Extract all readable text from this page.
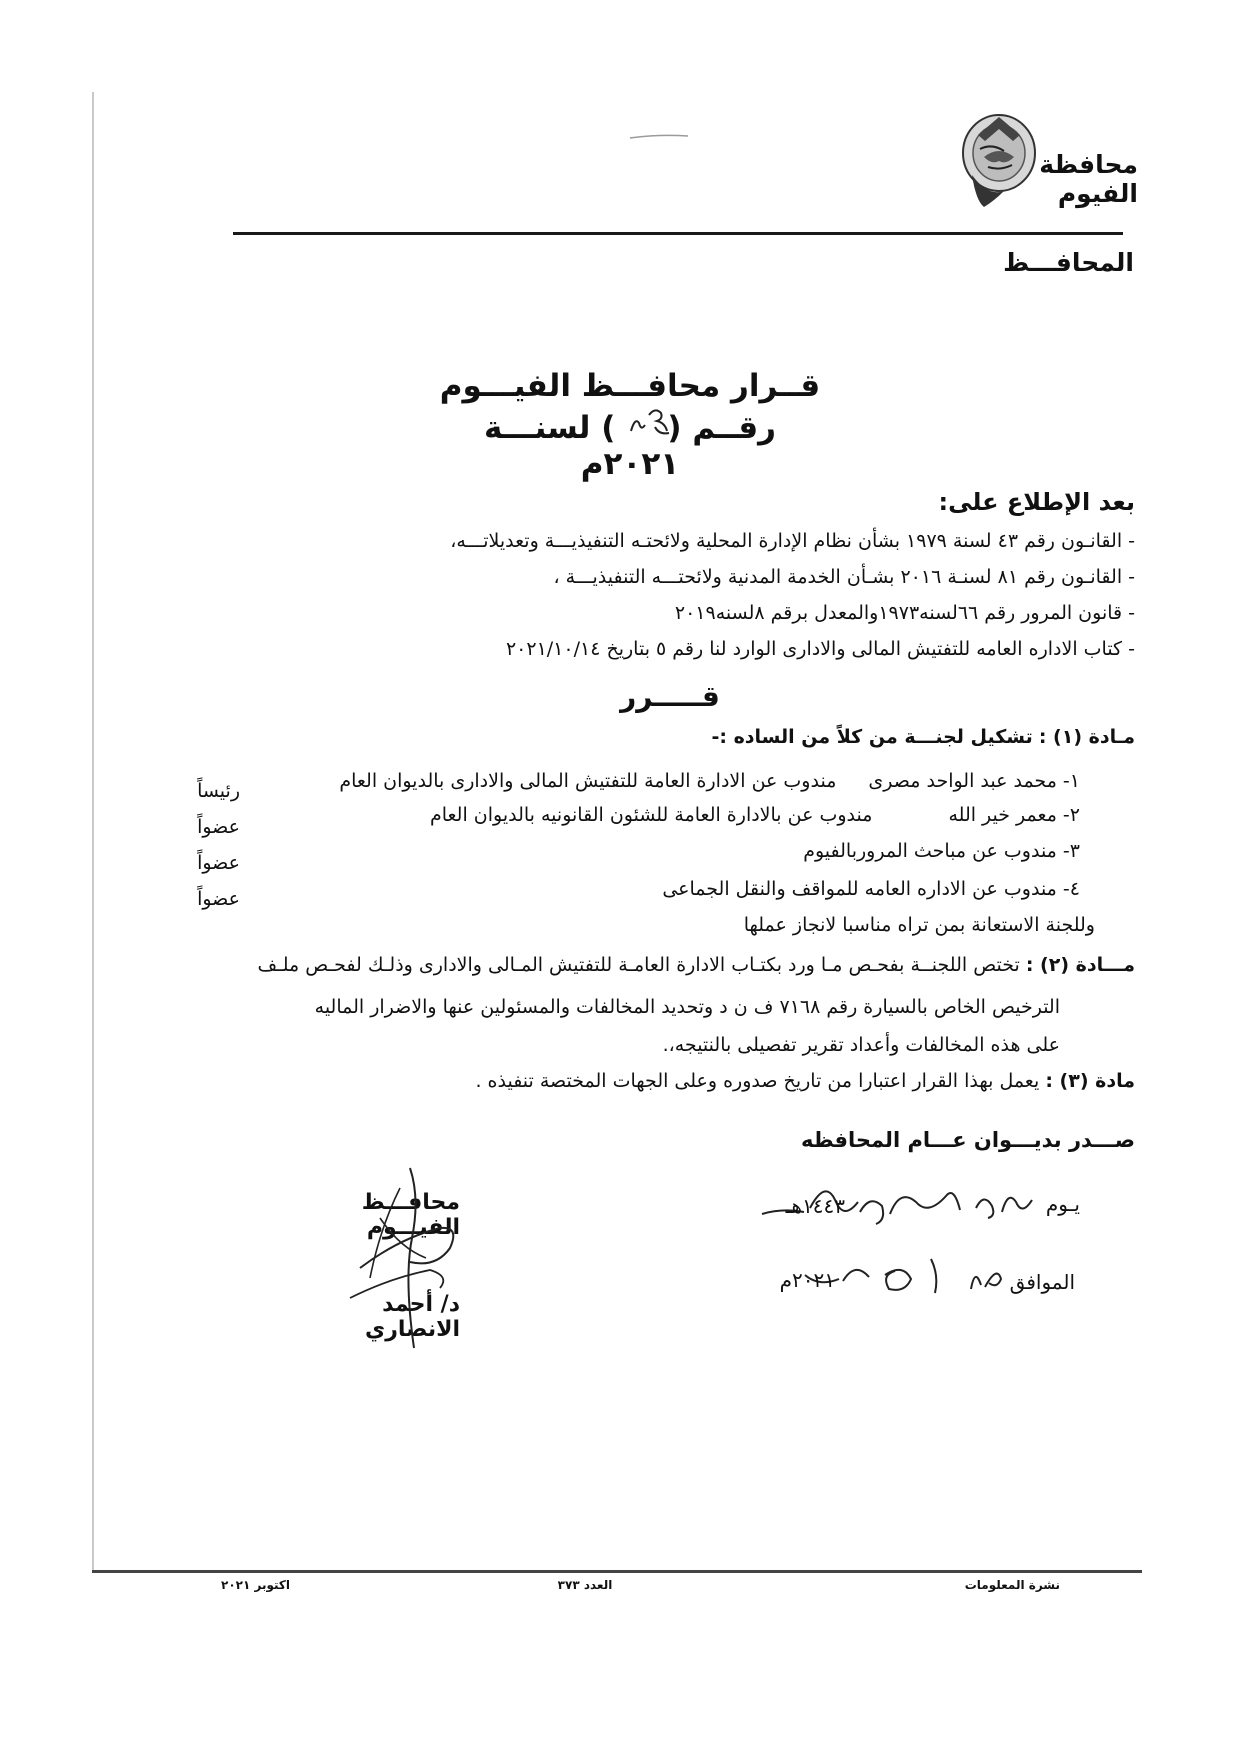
محافظة الفيوم
المحافـــظ
قــرار محافـــظ الفيـــوم
رقــم () لسنـــة ٢٠٢١م
بعد الإطلاع على:
- القانـون رقم ٤٣ لسنة ١٩٧٩ بشأن نظام الإدارة المحلية ولائحتـه التنفيذيـــة وتعديلاتـــه،
- القانـون رقم ٨١ لسنـة ٢٠١٦ بشـأن الخدمة المدنية ولائحتـــه التنفيذيـــة ،
- قانون المرور رقم ٦٦لسنه١٩٧٣والمعدل برقم ٨لسنه٢٠١٩
- كتاب الاداره العامه للتفتيش المالى والادارى الوارد لنا رقم ٥ بتاريخ ٢٠٢١/١٠/١٤
قـــــرر
مـادة (١) : تشكيل لجنـــة من كلاً من الساده :-
١- محمد عبد الواحد مصرى مندوب عن الادارة العامة للتفتيش المالى والادارى بالديوان العام
رئيساً
٢- معمر خير الله مندوب عن بالادارة العامة للشئون القانونيه بالديوان العام
عضواً
٣- مندوب عن مباحث المروربالفيوم
عضواً
٤- مندوب عن الاداره العامه للمواقف والنقل الجماعى
عضواً
وللجنة الاستعانة بمن تراه مناسبا لانجاز عملها
مـــادة (٢) : تختص اللجنــة بفحـص مـا ورد بكتـاب الادارة العامـة للتفتيش المـالى والادارى وذلـك لفحـص ملـف
الترخيص الخاص بالسيارة رقم ٧١٦٨ ف ن د وتحديد المخالفات والمسئولين عنها والاضرار الماليه
على هذه المخالفات وأعداد تقرير تفصيلى بالنتيجه،.
مادة (٣) : يعمل بهذا القرار اعتبارا من تاريخ صدوره وعلى الجهات المختصة تنفيذه .
صـــدر بديـــوان عـــام المحافظه
يـوم
١٤٤٣هـ
الموافق
٢٠٢١م
محافـــظ الفيـــوم
د/ أحمد الانصاري
نشرة المعلومات
العدد ٣٧٣
اكتوبر ٢٠٢١
